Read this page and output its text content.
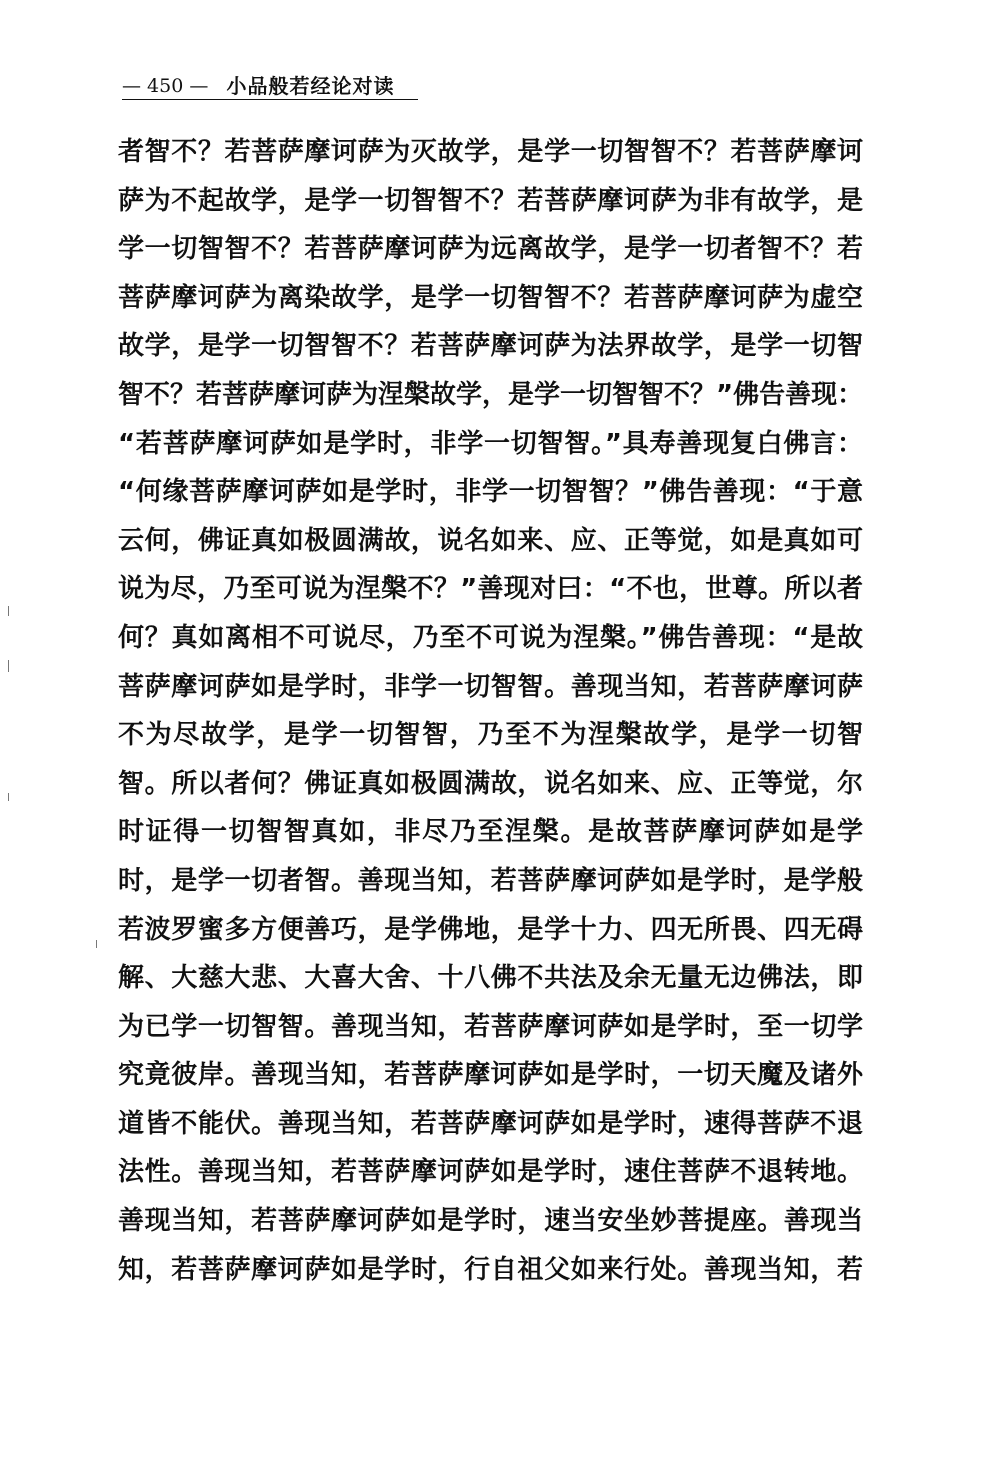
— 450 —
小品般若经论对读
者智不？若菩萨摩诃萨为灭故学，是学一切智智不？若菩萨摩诃
萨为不起故学，是学一切智智不？若菩萨摩诃萨为非有故学，是
学一切智智不？若菩萨摩诃萨为远离故学，是学一切者智不？若
菩萨摩诃萨为离染故学，是学一切智智不？若菩萨摩诃萨为虚空
故学，是学一切智智不？若菩萨摩诃萨为法界故学，是学一切智
智不？若菩萨摩诃萨为涅槃故学，是学一切智智不？”佛告善现：
“若菩萨摩诃萨如是学时，非学一切智智。”具寿善现复白佛言：
“何缘菩萨摩诃萨如是学时，非学一切智智？”佛告善现：“于意
云何，佛证真如极圆满故，说名如来、应、正等觉，如是真如可
说为尽，乃至可说为涅槃不？”善现对曰：“不也，世尊。所以者
何？真如离相不可说尽，乃至不可说为涅槃。”佛告善现：“是故
菩萨摩诃萨如是学时，非学一切智智。善现当知，若菩萨摩诃萨
不为尽故学，是学一切智智，乃至不为涅槃故学，是学一切智
智。所以者何？佛证真如极圆满故，说名如来、应、正等觉，尔
时证得一切智智真如，非尽乃至涅槃。是故菩萨摩诃萨如是学
时，是学一切者智。善现当知，若菩萨摩诃萨如是学时，是学般
若波罗蜜多方便善巧，是学佛地，是学十力、四无所畏、四无碍
解、大慈大悲、大喜大舍、十八佛不共法及余无量无边佛法，即
为已学一切智智。善现当知，若菩萨摩诃萨如是学时，至一切学
究竟彼岸。善现当知，若菩萨摩诃萨如是学时，一切天魔及诸外
道皆不能伏。善现当知，若菩萨摩诃萨如是学时，速得菩萨不退
法性。善现当知，若菩萨摩诃萨如是学时，速住菩萨不退转地。
善现当知，若菩萨摩诃萨如是学时，速当安坐妙菩提座。善现当
知，若菩萨摩诃萨如是学时，行自祖父如来行处。善现当知，若
